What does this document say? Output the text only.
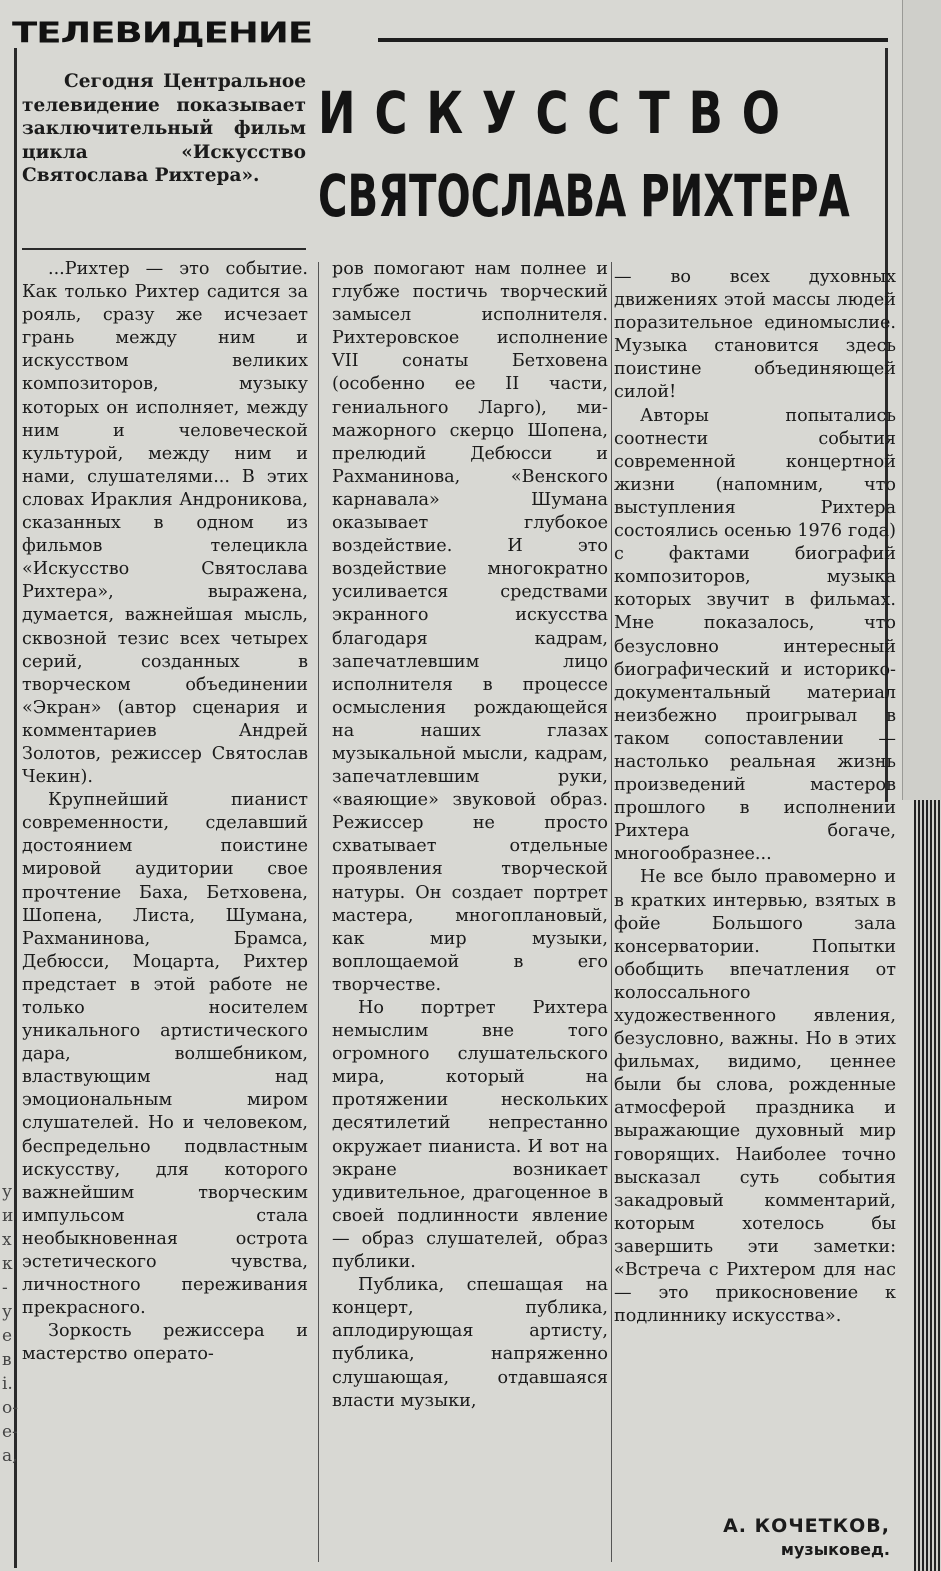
ТЕЛЕВИДЕНИЕ
у
и
х
к
-
у
е
в
i.
о-
е-
а,
Сегодня Центральное телевидение показывает заключительный фильм цикла «Искусство Святослава Рихтера».
ИСКУССТВО
СВЯТОСЛАВА РИХТЕРА

...Рихтер — это событие. Как только Рихтер садится за рояль, сразу же исчезает грань между ним и искусством великих композиторов, музыку которых он исполняет, между ним и человеческой культурой, между ним и нами, слушателями... В этих словах Ираклия Андроникова, сказанных в одном из фильмов телецикла «Искусство Святослава Рихтера», выражена, думается, важнейшая мысль, сквозной тезис всех четырех серий, созданных в творческом объединении «Экран» (автор сценария и комментариев Андрей Золотов, режиссер Святослав Чекин).

Крупнейший пианист современности, сделавший достоянием поистине мировой аудитории свое прочтение Баха, Бетховена, Шопена, Листа, Шумана, Рахманинова, Брамса, Дебюсси, Моцарта, Рихтер предстает в этой работе не только носителем уникального артистического дара, волшебником, властвующим над эмоциональным миром слушателей. Но и человеком, беспредельно подвластным искусству, для которого важнейшим творческим импульсом стала необыкновенная острота эстетического чувства, личностного переживания прекрасного.

Зоркость режиссера и мастерство операто-

ров помогают нам полнее и глубже постичь творческий замысел исполнителя. Рихтеровское исполнение VII сонаты Бетховена (особенно ее II части, гениального Ларго), ми-мажорного скерцо Шопена, прелюдий Дебюсси и Рахманинова, «Венского карнавала» Шумана оказывает глубокое воздействие. И это воздействие многократно усиливается средствами экранного искусства благодаря кадрам, запечатлевшим лицо исполнителя в процессе осмысления рождающейся на наших глазах музыкальной мысли, кадрам, запечатлевшим руки, «ваяющие» звуковой образ. Режиссер не просто схватывает отдельные проявления творческой натуры. Он создает портрет мастера, многоплановый, как мир музыки, воплощаемой в его творчестве.

Но портрет Рихтера немыслим вне того огромного слушательского мира, который на протяжении нескольких десятилетий непрестанно окружает пианиста. И вот на экране возникает удивительное, драгоценное в своей подлинности явление — образ слушателей, образ публики.

Публика, спешащая на концерт, публика, аплодирующая артисту, публика, напряженно слушающая, отдавшаяся власти музыки,

— во всех духовных движениях этой массы людей поразительное единомыслие. Музыка становится здесь поистине объединяющей силой!

Авторы попытались соотнести события современной концертной жизни (напомним, что выступления Рихтера состоялись осенью 1976 года) с фактами биографий композиторов, музыка которых звучит в фильмах. Мне показалось, что безусловно интересный биографический и историко-документальный материал неизбежно проигрывал в таком сопоставлении — настолько реальная жизнь произведений мастеров прошлого в исполнении Рихтера богаче, многообразнее...

Не все было правомерно и в кратких интервью, взятых в фойе Большого зала консерватории. Попытки обобщить впечатления от колоссального художественного явления, безусловно, важны. Но в этих фильмах, видимо, ценнее были бы слова, рожденные атмосферой праздника и выражающие духовный мир говорящих. Наиболее точно высказал суть события закадровый комментарий, которым хотелось бы завершить эти заметки: «Встреча с Рихтером для нас — это прикосновение к подлиннику искусства».

А. КОЧЕТКОВ,
музыковед.
